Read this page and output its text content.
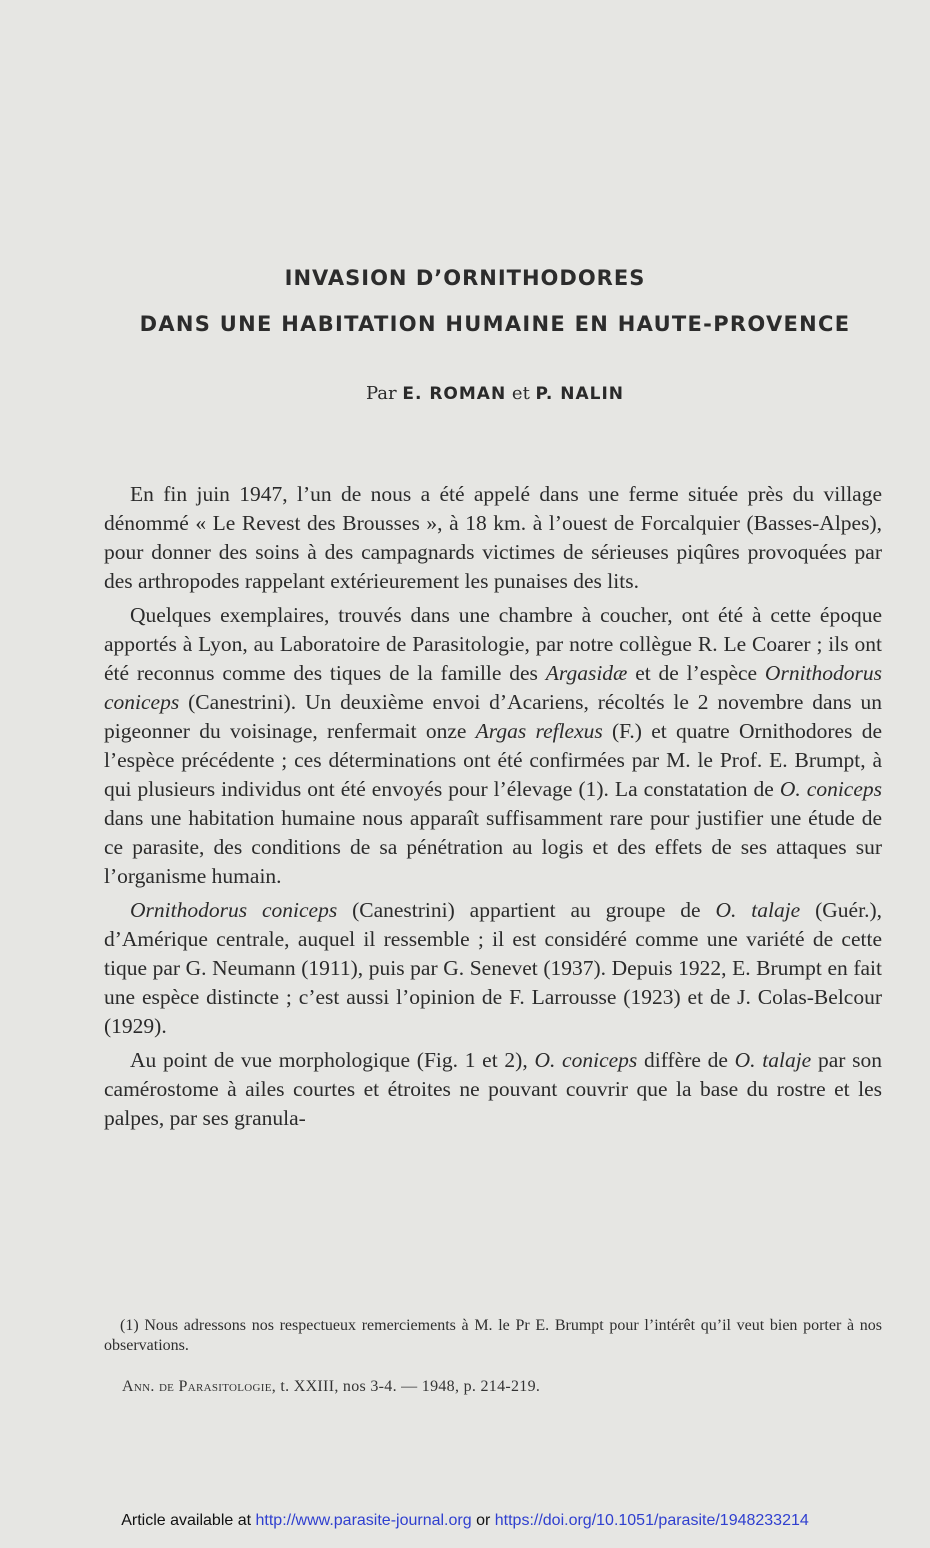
INVASION D’ORNITHODORES
DANS UNE HABITATION HUMAINE EN HAUTE-PROVENCE
Par E. ROMAN et P. NALIN

En fin juin 1947, l’un de nous a été appelé dans une ferme située près du village dénommé « Le Revest des Brousses », à 18 km. à l’ouest de Forcalquier (Basses-Alpes), pour donner des soins à des campagnards victimes de sérieuses piqûres provoquées par des arthropodes rappelant extérieurement les punaises des lits.

Quelques exemplaires, trouvés dans une chambre à coucher, ont été à cette époque apportés à Lyon, au Laboratoire de Parasitologie, par notre collègue R. Le Coarer ; ils ont été reconnus comme des tiques de la famille des Argasidæ et de l’espèce Ornithodorus coniceps (Canestrini). Un deuxième envoi d’Acariens, récoltés le 2 novembre dans un pigeonner du voisinage, renfermait onze Argas reflexus (F.) et quatre Ornithodores de l’espèce précédente ; ces déterminations ont été confirmées par M. le Prof. E. Brumpt, à qui plusieurs individus ont été envoyés pour l’élevage (1). La constatation de O. coniceps dans une habitation humaine nous apparaît suffisamment rare pour justifier une étude de ce parasite, des conditions de sa pénétration au logis et des effets de ses attaques sur l’organisme humain.

Ornithodorus coniceps (Canestrini) appartient au groupe de O. talaje (Guér.), d’Amérique centrale, auquel il ressemble ; il est considéré comme une variété de cette tique par G. Neumann (1911), puis par G. Senevet (1937). Depuis 1922, E. Brumpt en fait une espèce distincte ; c’est aussi l’opinion de F. Larrousse (1923) et de J. Colas-Belcour (1929).

Au point de vue morphologique (Fig. 1 et 2), O. coniceps diffère de O. talaje par son camérostome à ailes courtes et étroites ne pouvant couvrir que la base du rostre et les palpes, par ses granula-

(1) Nous adressons nos respectueux remerciements à M. le Pr E. Brumpt pour l’intérêt qu’il veut bien porter à nos observations.
Ann. de Parasitologie, t. XXIII, nos 3-4. — 1948, p. 214-219.
Article available at http://www.parasite-journal.org or https://doi.org/10.1051/parasite/1948233214
